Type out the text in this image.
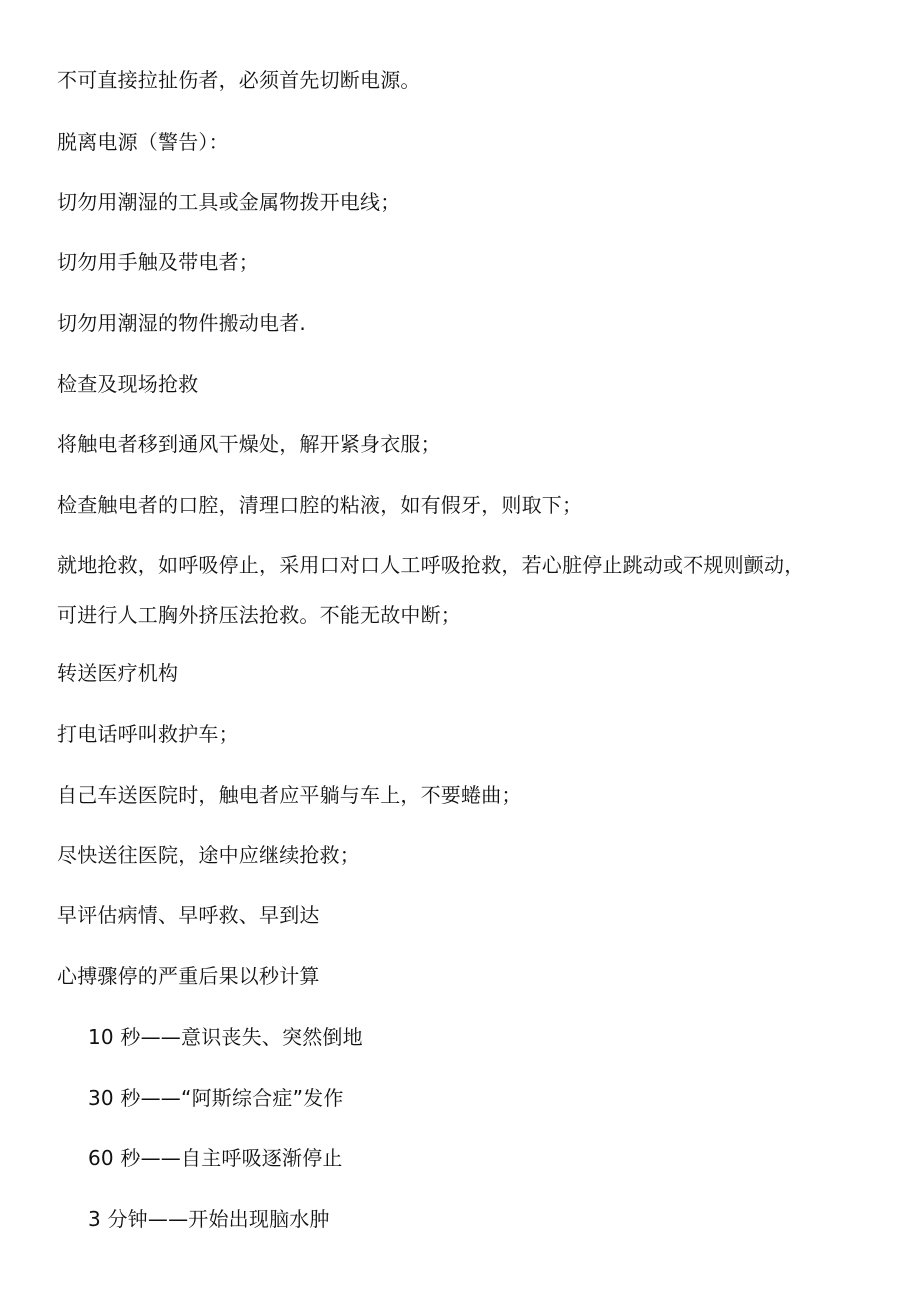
不可直接拉扯伤者，必须首先切断电源。
脱离电源（警告）：
切勿用潮湿的工具或金属物拨开电线；
切勿用手触及带电者；
切勿用潮湿的物件搬动电者.
检查及现场抢救
将触电者移到通风干燥处，解开紧身衣服；
检查触电者的口腔，清理口腔的粘液，如有假牙，则取下；
就地抢救，如呼吸停止，采用口对口人工呼吸抢救，若心脏停止跳动或不规则颤动，
可进行人工胸外挤压法抢救。不能无故中断；
转送医疗机构
打电话呼叫救护车；
自己车送医院时，触电者应平躺与车上，不要蜷曲；
尽快送往医院，途中应继续抢救；
早评估病情、早呼救、早到达
心搏骤停的严重后果以秒计算
10 秒——意识丧失、突然倒地
30 秒——“阿斯综合症”发作
60 秒——自主呼吸逐渐停止
3 分钟——开始出现脑水肿
